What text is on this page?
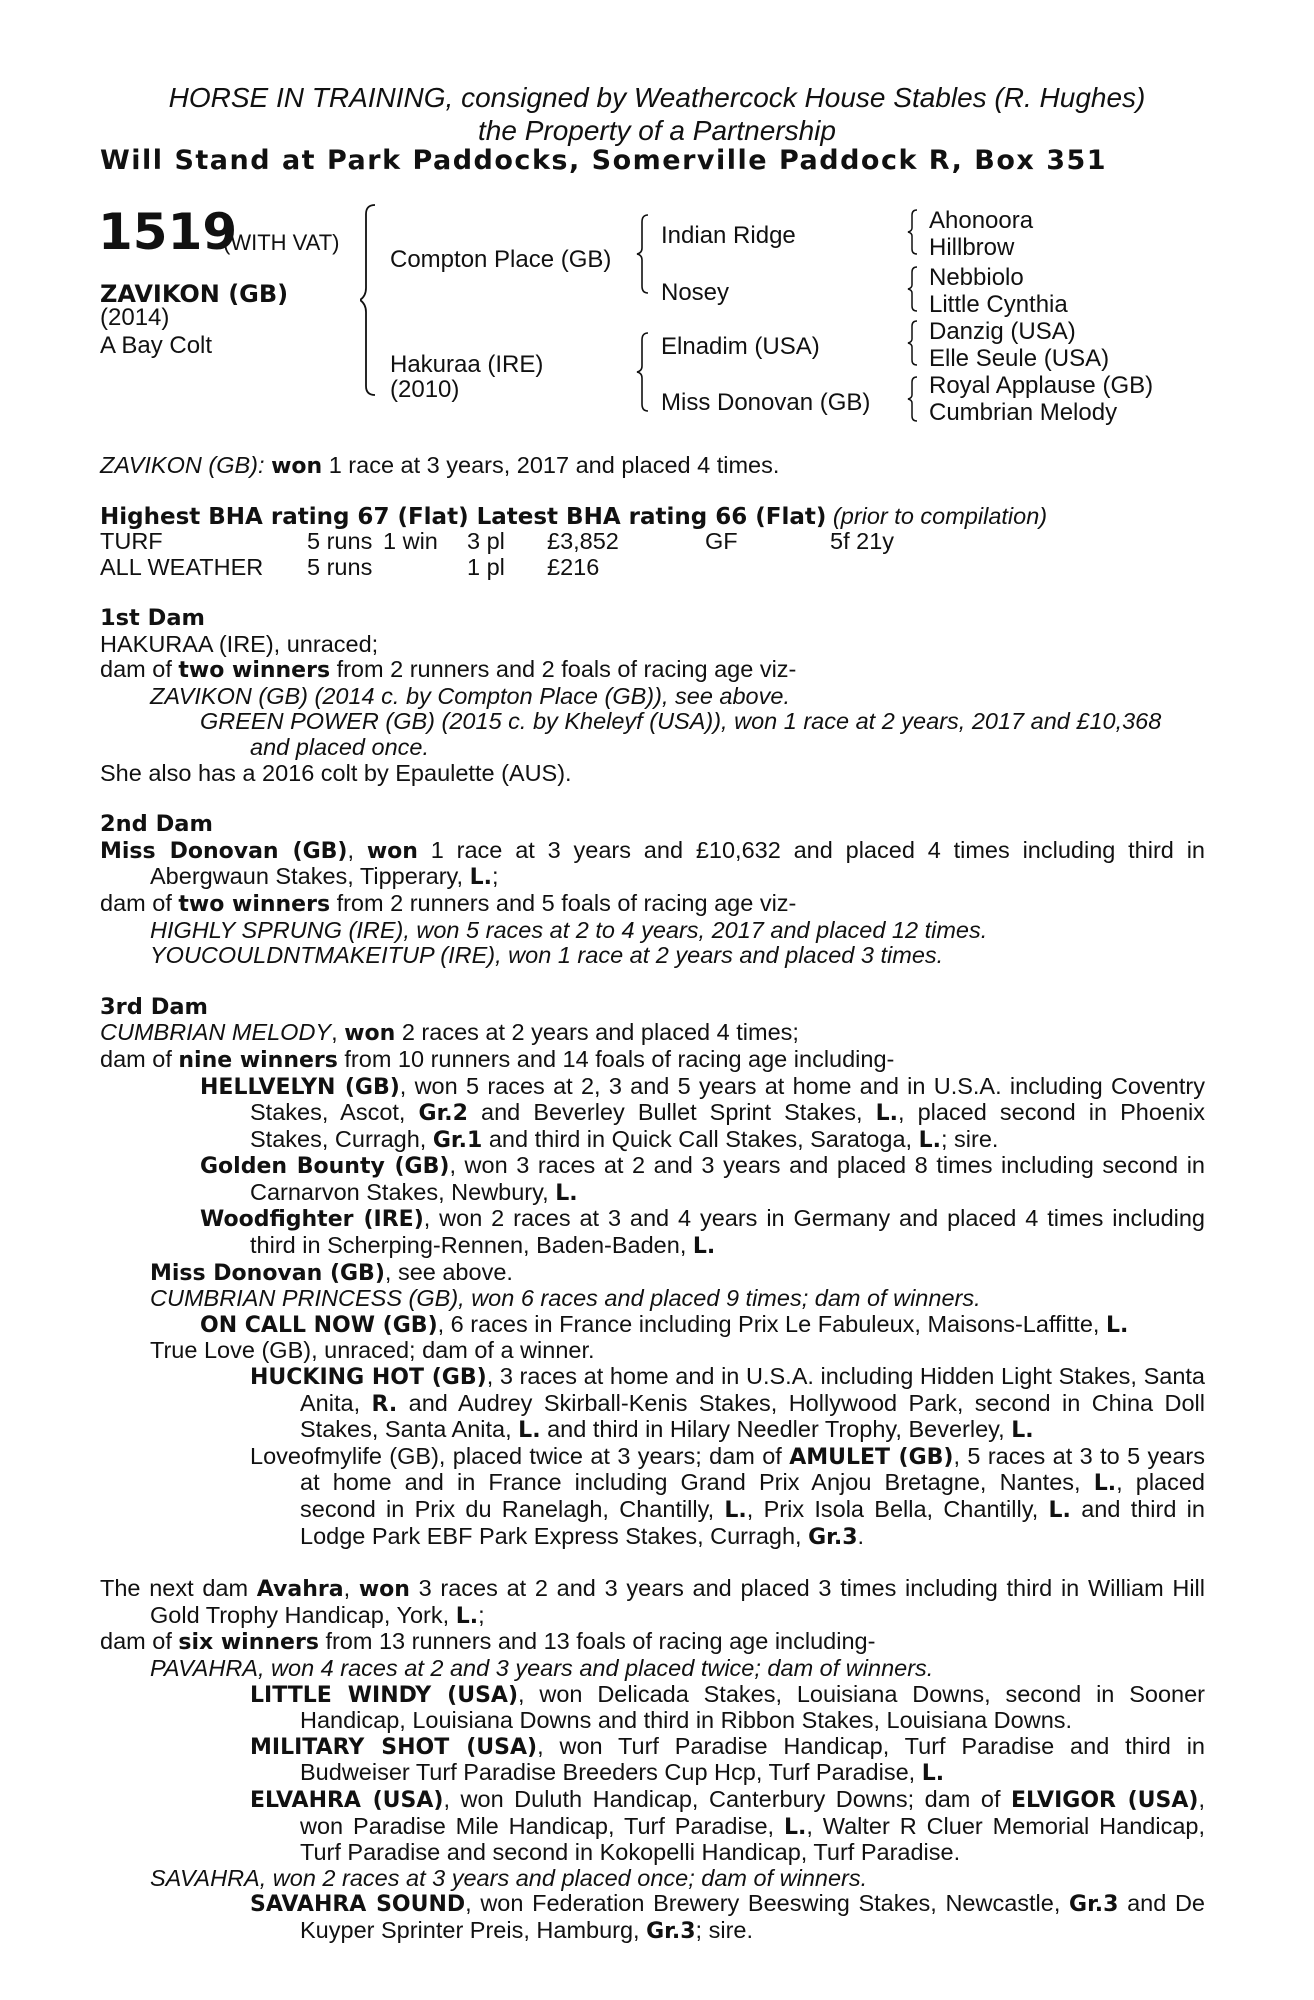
HORSE IN TRAINING, consigned by Weathercock House Stables (R. Hughes)
the Property of a Partnership
Will Stand at Park Paddocks, Somerville Paddock R, Box 351
1519
(WITH VAT)
ZAVIKON (GB)
(2014)
A Bay Colt
Compton Place (GB)
Hakuraa (IRE)
(2010)
Indian Ridge
Nosey
Elnadim (USA)
Miss Donovan (GB)
Ahonoora
Hillbrow
Nebbiolo
Little Cynthia
Danzig (USA)
Elle Seule (USA)
Royal Applause (GB)
Cumbrian Melody
ZAVIKON (GB): won 1 race at 3 years, 2017 and placed 4 times.
Highest BHA rating 67 (Flat) Latest BHA rating 66 (Flat) (prior to compilation)
TURF	5 runs	1 win	3 pl	£3,852	GF	5f 21y
ALL WEATHER	5 runs		1 pl	£216		

1st Dam

HAKURAA (IRE), unraced;

dam of two winners from 2 runners and 2 foals of racing age viz-

ZAVIKON (GB) (2014 c. by Compton Place (GB)), see above.

GREEN POWER (GB) (2015 c. by Kheleyf (USA)), won 1 race at 2 years, 2017 and £10,368 and placed once.

She also has a 2016 colt by Epaulette (AUS).

2nd Dam

Miss Donovan (GB), won 1 race at 3 years and £10,632 and placed 4 times including third in Abergwaun Stakes, Tipperary, L.;

dam of two winners from 2 runners and 5 foals of racing age viz-

HIGHLY SPRUNG (IRE), won 5 races at 2 to 4 years, 2017 and placed 12 times.

YOUCOULDNTMAKEITUP (IRE), won 1 race at 2 years and placed 3 times.

3rd Dam

CUMBRIAN MELODY, won 2 races at 2 years and placed 4 times;

dam of nine winners from 10 runners and 14 foals of racing age including-

HELLVELYN (GB), won 5 races at 2, 3 and 5 years at home and in U.S.A. including Coventry Stakes, Ascot, Gr.2 and Beverley Bullet Sprint Stakes, L., placed second in Phoenix Stakes, Curragh, Gr.1 and third in Quick Call Stakes, Saratoga, L.; sire.

Golden Bounty (GB), won 3 races at 2 and 3 years and placed 8 times including second in Carnarvon Stakes, Newbury, L.

Woodfighter (IRE), won 2 races at 3 and 4 years in Germany and placed 4 times including third in Scherping-Rennen, Baden-Baden, L.

Miss Donovan (GB), see above.

CUMBRIAN PRINCESS (GB), won 6 races and placed 9 times; dam of winners.

ON CALL NOW (GB), 6 races in France including Prix Le Fabuleux, Maisons-Laffitte, L.

True Love (GB), unraced; dam of a winner.

HUCKING HOT (GB), 3 races at home and in U.S.A. including Hidden Light Stakes, Santa Anita, R. and Audrey Skirball-Kenis Stakes, Hollywood Park, second in China Doll Stakes, Santa Anita, L. and third in Hilary Needler Trophy, Beverley, L.

Loveofmylife (GB), placed twice at 3 years; dam of AMULET (GB), 5 races at 3 to 5 years at home and in France including Grand Prix Anjou Bretagne, Nantes, L., placed second in Prix du Ranelagh, Chantilly, L., Prix Isola Bella, Chantilly, L. and third in Lodge Park EBF Park Express Stakes, Curragh, Gr.3.

The next dam Avahra, won 3 races at 2 and 3 years and placed 3 times including third in William Hill Gold Trophy Handicap, York, L.;

dam of six winners from 13 runners and 13 foals of racing age including-

PAVAHRA, won 4 races at 2 and 3 years and placed twice; dam of winners.

LITTLE WINDY (USA), won Delicada Stakes, Louisiana Downs, second in Sooner Handicap, Louisiana Downs and third in Ribbon Stakes, Louisiana Downs.

MILITARY SHOT (USA), won Turf Paradise Handicap, Turf Paradise and third in Budweiser Turf Paradise Breeders Cup Hcp, Turf Paradise, L.

ELVAHRA (USA), won Duluth Handicap, Canterbury Downs; dam of ELVIGOR (USA), won Paradise Mile Handicap, Turf Paradise, L., Walter R Cluer Memorial Handicap, Turf Paradise and second in Kokopelli Handicap, Turf Paradise.

SAVAHRA, won 2 races at 3 years and placed once; dam of winners.

SAVAHRA SOUND, won Federation Brewery Beeswing Stakes, Newcastle, Gr.3 and De Kuyper Sprinter Preis, Hamburg, Gr.3; sire.
